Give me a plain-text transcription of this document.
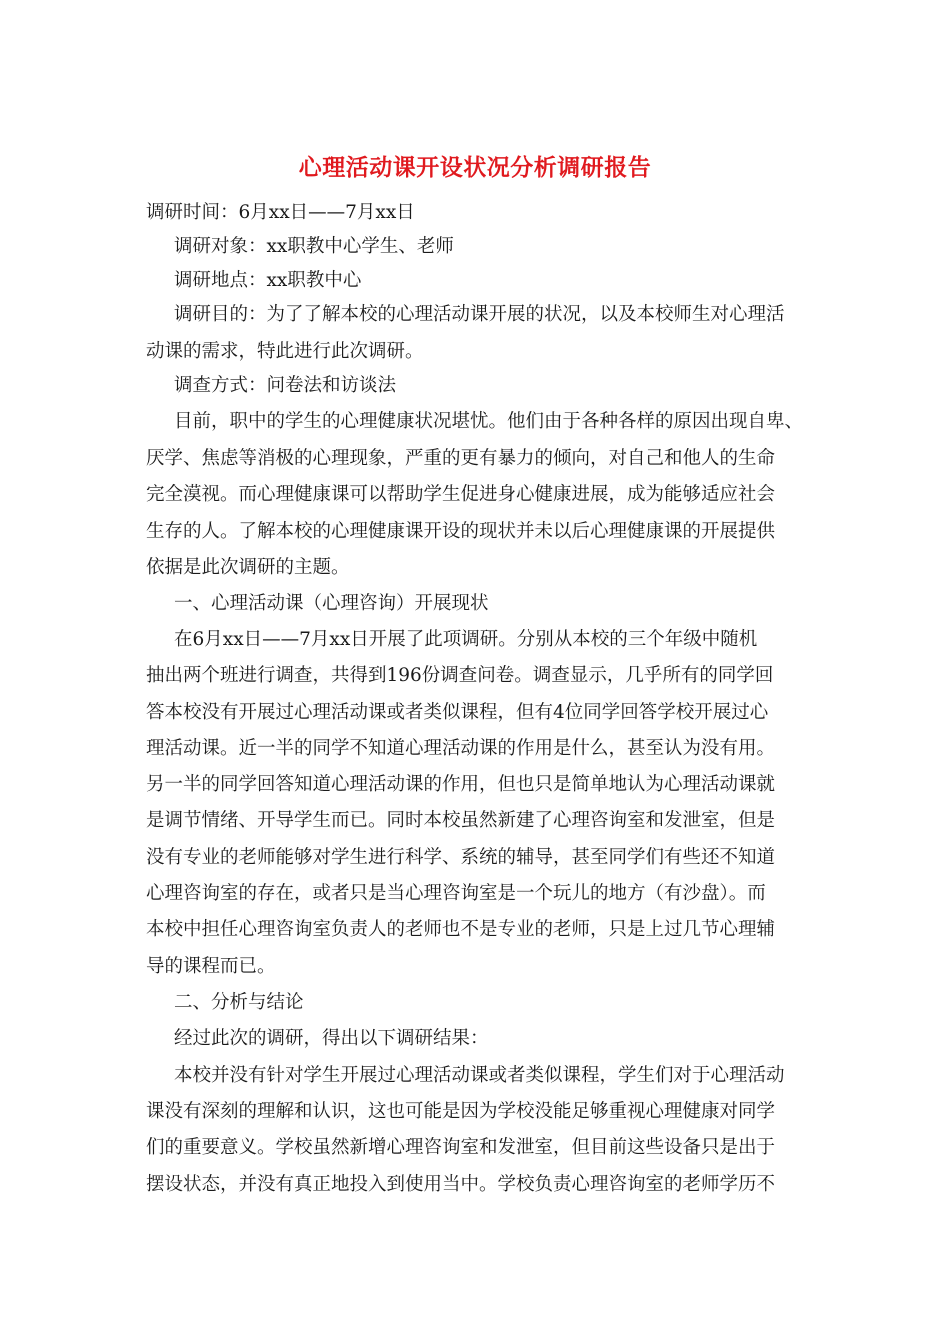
心理活动课开设状况分析调研报告
调研时间：6月xx日——7月xx日
调研对象：xx职教中心学生、老师
调研地点：xx职教中心
调研目的：为了了解本校的心理活动课开展的状况，以及本校师生对心理活
动课的需求，特此进行此次调研。
调查方式：问卷法和访谈法
目前，职中的学生的心理健康状况堪忧。他们由于各种各样的原因出现自卑、
厌学、焦虑等消极的心理现象，严重的更有暴力的倾向，对自己和他人的生命
完全漠视。而心理健康课可以帮助学生促进身心健康进展，成为能够适应社会
生存的人。了解本校的心理健康课开设的现状并未以后心理健康课的开展提供
依据是此次调研的主题。
一、心理活动课（心理咨询）开展现状
在6月xx日——7月xx日开展了此项调研。分别从本校的三个年级中随机
抽出两个班进行调查，共得到196份调查问卷。调查显示，几乎所有的同学回
答本校没有开展过心理活动课或者类似课程，但有4位同学回答学校开展过心
理活动课。近一半的同学不知道心理活动课的作用是什么，甚至认为没有用。
另一半的同学回答知道心理活动课的作用，但也只是简单地认为心理活动课就
是调节情绪、开导学生而已。同时本校虽然新建了心理咨询室和发泄室，但是
没有专业的老师能够对学生进行科学、系统的辅导，甚至同学们有些还不知道
心理咨询室的存在，或者只是当心理咨询室是一个玩儿的地方（有沙盘）。而
本校中担任心理咨询室负责人的老师也不是专业的老师，只是上过几节心理辅
导的课程而已。
二、分析与结论
经过此次的调研，得出以下调研结果：
本校并没有针对学生开展过心理活动课或者类似课程，学生们对于心理活动
课没有深刻的理解和认识，这也可能是因为学校没能足够重视心理健康对同学
们的重要意义。学校虽然新增心理咨询室和发泄室，但目前这些设备只是出于
摆设状态，并没有真正地投入到使用当中。学校负责心理咨询室的老师学历不
